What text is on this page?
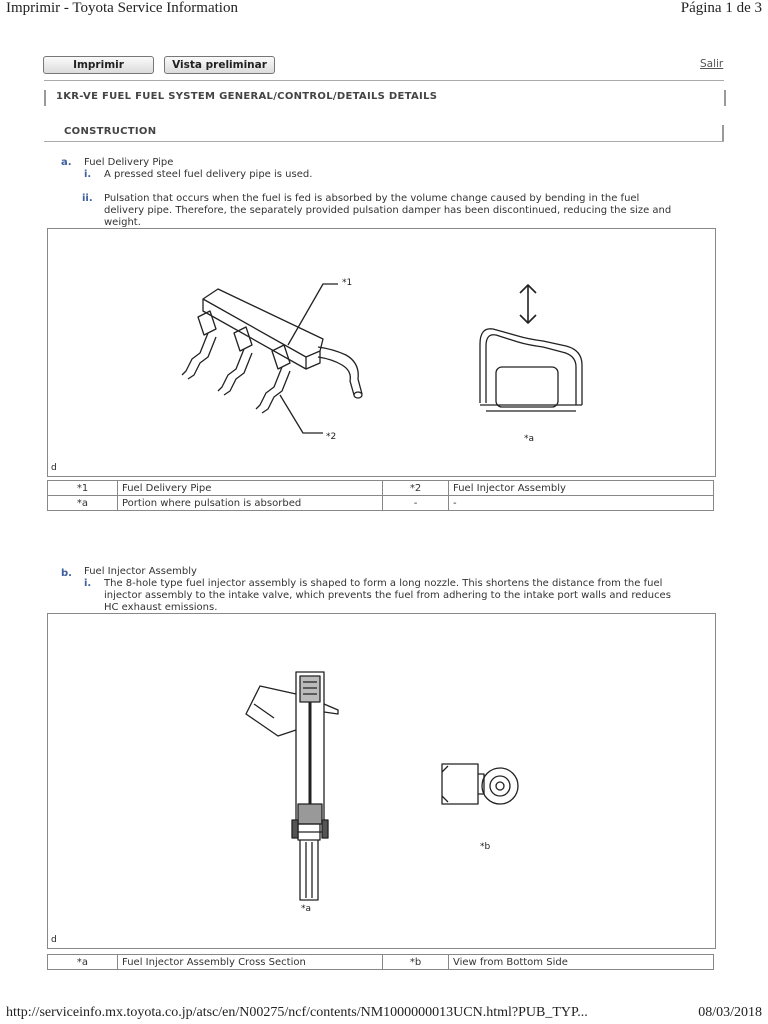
Imprimir - Toyota Service Information	Página 1 de 3
Imprimir	Vista preliminar	Salir
1KR-VE FUEL FUEL SYSTEM GENERAL/CONTROL/DETAILS DETAILS
CONSTRUCTION
a. Fuel Delivery Pipe
i. A pressed steel fuel delivery pipe is used.
ii. Pulsation that occurs when the fuel is fed is absorbed by the volume change caused by bending in the fuel
delivery pipe. Therefore, the separately provided pulsation damper has been discontinued, reducing the size and
weight.
*1
*2	*a
d
*1	Fuel Delivery Pipe	*2	Fuel Injector Assembly
*a	Portion where pulsation is absorbed	-	-
b. Fuel Injector Assembly
i. The 8-hole type fuel injector assembly is shaped to form a long nozzle. This shortens the distance from the fuel
injector assembly to the intake valve, which prevents the fuel from adhering to the intake port walls and reduces
HC exhaust emissions.
*a
*b
d
*a	Fuel Injector Assembly Cross Section	*b	View from Bottom Side
http://serviceinfo.mx.toyota.co.jp/atsc/en/N00275/ncf/contents/NM1000000013UCN.html?PUB_TYP...	08/03/2018
